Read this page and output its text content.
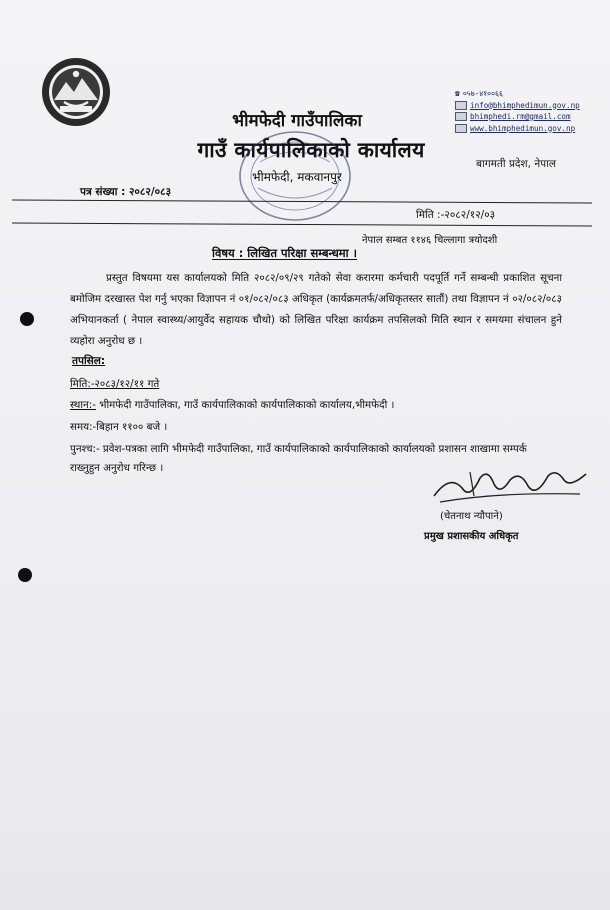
भीमफेदी गाउँपालिका
गाउँ कार्यपालिकाको कार्यालय
भीमफेदी, मकवानपुर
☎ ०५७-४१००६६
info@bhimphedimun.gov.np
bhimphedi.rm@gmail.com
www.bhimphedimun.gov.np
बागमती प्रदेश, नेपाल
पत्र संख्या : २०८२/०८३
मिति :-२०८२/१२/०३
नेपाल सम्बत ११४६ चिल्लागा त्रयोदशी
विषय : लिखित परिक्षा सम्बन्धमा ।
प्रस्तुत विषयमा यस कार्यालयको मिति २०८२/०९/२९ गतेको सेवा करारमा कर्मचारी पदपूर्ति गर्ने सम्बन्धी प्रकाशित सूचना बमोजिम दरखास्त पेश गर्नु भएका विज्ञापन नं ०१/०८२/०८३ अधिकृत (कार्यक्रमतर्फ/अधिकृतस्तर सातौं) तथा विज्ञापन नं ०२/०८२/०८३ अभियानकर्ता ( नेपाल स्वास्थ्य/आयुर्वेद सहायक चौथो) को लिखित परिक्षा कार्यक्रम तपसिलको मिति स्थान र समयमा संचालन हुने व्यहोरा अनुरोध छ ।
तपसिल:
मिति:-२०८३/१२/११ गते
स्थान:- भीमफेदी गाउँपालिका, गाउँ कार्यपालिकाको कार्यपालिकाको कार्यालय,भीमफेदी ।
समय:-बिहान ११०० बजे ।
पुनश्च:- प्रवेश-पत्रका लागि भीमफेदी गाउँपालिका, गाउँ कार्यपालिकाको कार्यपालिकाको कार्यालयको प्रशासन शाखामा सम्पर्क राख्नुहुन अनुरोध गरिन्छ ।
(चेतनाथ न्यौपाने)
प्रमुख प्रशासकीय अधिकृत
